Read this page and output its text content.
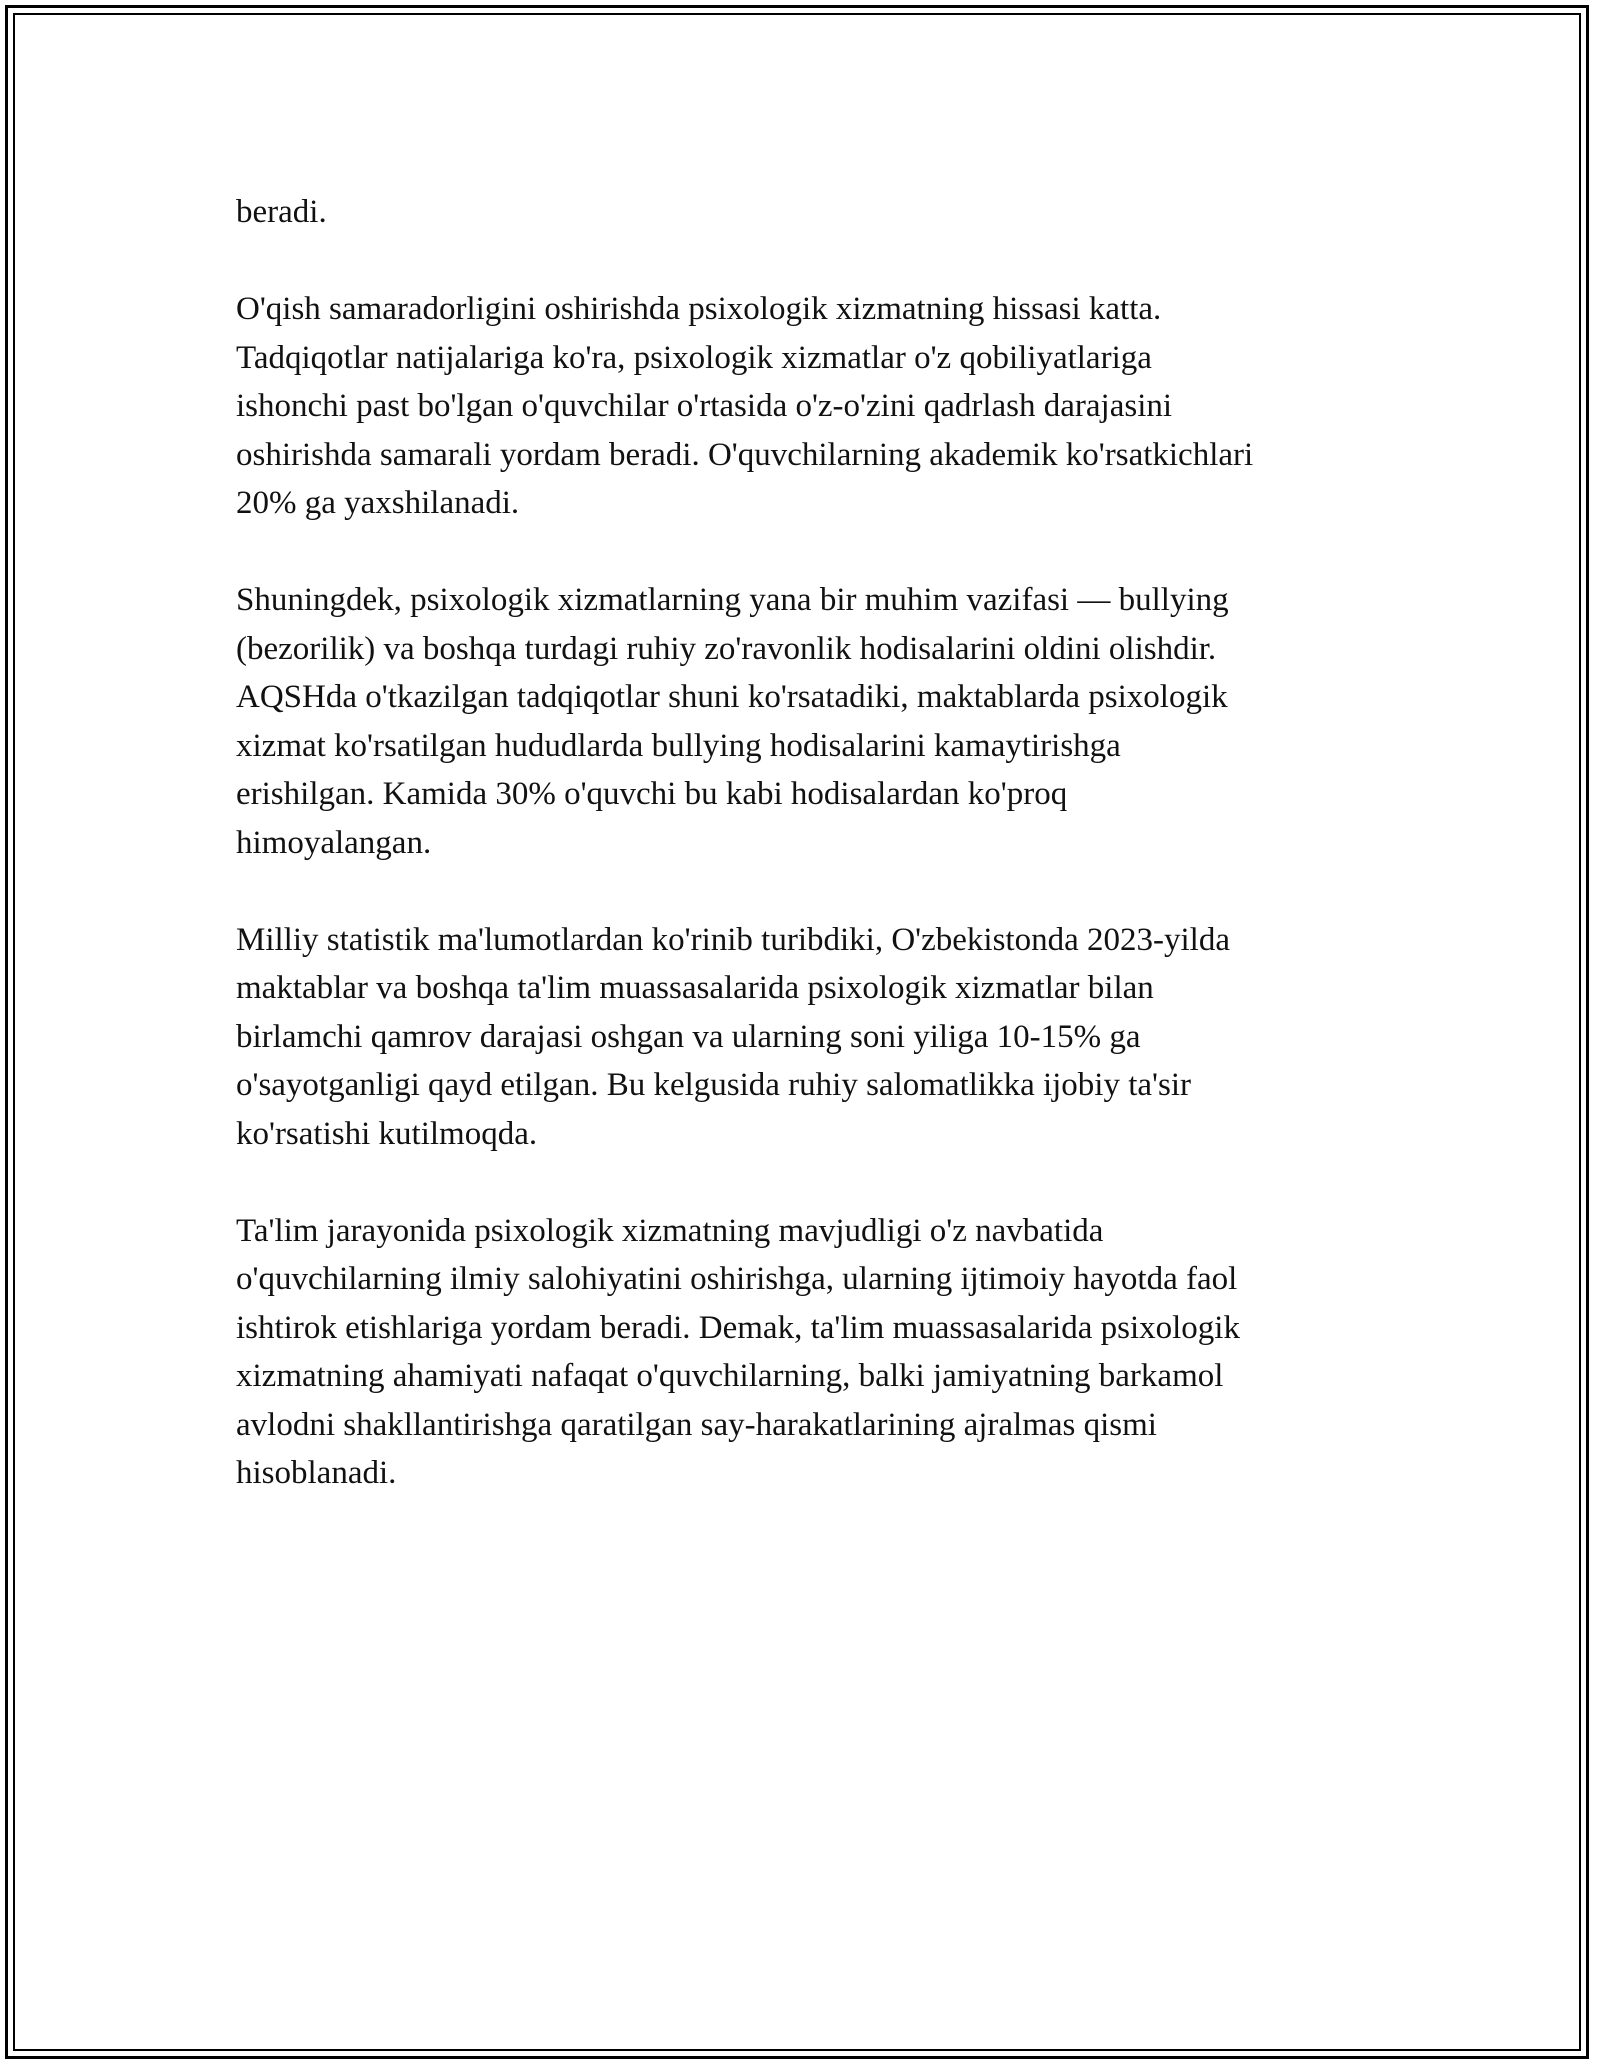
beradi.

O'qish samaradorligini oshirishda psixologik xizmatning hissasi katta.
Tadqiqotlar natijalariga ko'ra, psixologik xizmatlar o'z qobiliyatlariga
ishonchi past bo'lgan o'quvchilar o'rtasida o'z-o'zini qadrlash darajasini
oshirishda samarali yordam beradi. O'quvchilarning akademik ko'rsatkichlari
20% ga yaxshilanadi.

Shuningdek, psixologik xizmatlarning yana bir muhim vazifasi — bullying
(bezorilik) va boshqa turdagi ruhiy zo'ravonlik hodisalarini oldini olishdir.
AQSHda o'tkazilgan tadqiqotlar shuni ko'rsatadiki, maktablarda psixologik
xizmat ko'rsatilgan hududlarda bullying hodisalarini kamaytirishga
erishilgan. Kamida 30% o'quvchi bu kabi hodisalardan ko'proq
himoyalangan.

Milliy statistik ma'lumotlardan ko'rinib turibdiki, O'zbekistonda 2023-yilda
maktablar va boshqa ta'lim muassasalarida psixologik xizmatlar bilan
birlamchi qamrov darajasi oshgan va ularning soni yiliga 10-15% ga
o'sayotganligi qayd etilgan. Bu kelgusida ruhiy salomatlikka ijobiy ta'sir
ko'rsatishi kutilmoqda.

Ta'lim jarayonida psixologik xizmatning mavjudligi o'z navbatida
o'quvchilarning ilmiy salohiyatini oshirishga, ularning ijtimoiy hayotda faol
ishtirok etishlariga yordam beradi. Demak, ta'lim muassasalarida psixologik
xizmatning ahamiyati nafaqat o'quvchilarning, balki jamiyatning barkamol
avlodni shakllantirishga qaratilgan say-harakatlarining ajralmas qismi
hisoblanadi.
